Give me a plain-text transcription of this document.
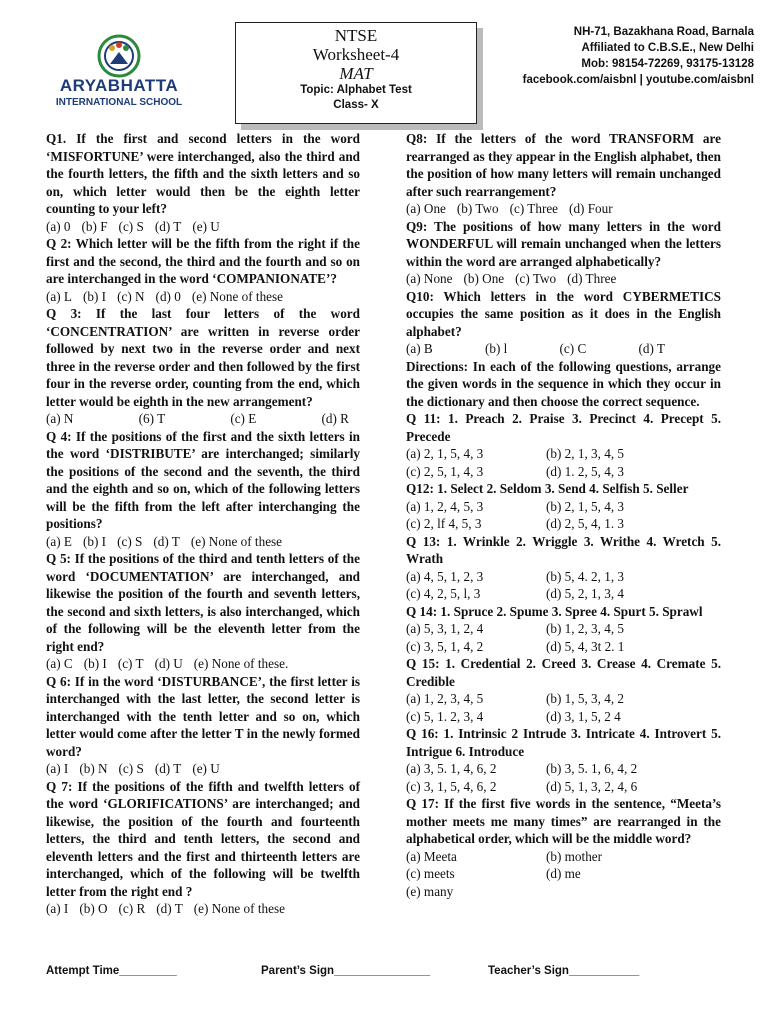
ARYABHATTA
INTERNATIONAL SCHOOL
NTSE
Worksheet-4
MAT
Topic: Alphabet Test
Class- X
NH-71, Bazakhana Road, Barnala
Affiliated to C.B.S.E., New Delhi
Mob: 98154-72269, 93175-13128
facebook.com/aisbnl | youtube.com/aisbnl
Q1. If the first and second letters in the word ‘MISFORTUNE’ were interchanged, also the third and the fourth letters, the fifth and the sixth letters and so on, which letter would then be the eighth letter counting to your left?
(a) 0 (b) F (c) S (d) T (e) U
Q 2: Which letter will be the fifth from the right if the first and the second, the third and the fourth and so on are interchanged in the word ‘COMPANIONATE’?
(a) L (b) I (c) N (d) 0 (e) None of these
Q 3: If the last four letters of the word ‘CONCENTRATION’ are written in reverse order followed by next two in the reverse order and next three in the reverse order and then followed by the first four in the reverse order, counting from the end, which letter would be eighth in the new arrangement?
(a) N	(6) T	(c) E	(d) R
Q 4: If the positions of the first and the sixth letters in the word ‘DISTRIBUTE’ are interchanged; similarly the positions of the second and the seventh, the third and the eighth and so on, which of the following letters will be the fifth from the left after interchanging the positions?
(a) E (b) I (c) S (d) T (e) None of these
Q 5: If the positions of the third and tenth letters of the word ‘DOCUMENTATION’ are interchanged, and likewise the position of the fourth and seventh letters, the second and sixth letters, is also interchanged, which of the following will be the eleventh letter from the right end?
(a) C (b) I (c) T (d) U (e) None of these.
Q 6: If in the word ‘DISTURBANCE’, the first letter is interchanged with the last letter, the second letter is interchanged with the tenth letter and so on, which letter would come after the letter T in the newly formed word?
(a) I (b) N (c) S (d) T (e) U
Q 7: If the positions of the fifth and twelfth letters of the word ‘GLORIFICATIONS’ are interchanged; and likewise, the position of the fourth and fourteenth letters, the third and tenth letters, the second and eleventh letters and the first and thirteenth letters are interchanged, which of the following will be twelfth letter from the right end ?
(a) I (b) O (c) R (d) T (e) None of these
Q8: If the letters of the word TRANSFORM are rearranged as they appear in the English alphabet, then the position of how many letters will remain unchanged after such rearrangement?
(a) One (b) Two (c) Three (d) Four
Q9: The positions of how many letters in the word WONDERFUL will remain unchanged when the letters within the word are arranged alphabetically?
(a) None (b) One (c) Two (d) Three
Q10: Which letters in the word CYBERMETICS occupies the same position as it does in the English alphabet?
(a) B	(b) l	(c) C	(d) T
Directions: In each of the following questions, arrange the given words in the sequence in which they occur in the dictionary and then choose the correct sequence.
Q 11: 1. Preach 2. Praise 3. Precinct 4. Precept 5. Precede
(a) 2, 1, 5, 4, 3	(b) 2, 1, 3, 4, 5
(c) 2, 5, 1, 4, 3	(d) 1. 2, 5, 4, 3
Q12: 1. Select 2. Seldom 3. Send 4. Selfish 5. Seller
(a) 1, 2, 4, 5, 3	(b) 2, 1, 5, 4, 3
(c) 2, lf 4, 5, 3	(d) 2, 5, 4, 1. 3
Q 13: 1. Wrinkle 2. Wriggle 3. Writhe 4. Wretch 5. Wrath
(a) 4, 5, 1, 2, 3	(b) 5, 4. 2, 1, 3
(c) 4, 2, 5, l, 3	(d) 5, 2, 1, 3, 4
Q 14: 1. Spruce 2. Spume 3. Spree 4. Spurt 5. Sprawl
(a) 5, 3, 1, 2, 4	(b) 1, 2, 3, 4, 5
(c) 3, 5, 1, 4, 2	(d) 5, 4, 3t 2. 1
Q 15: 1. Credential 2. Creed 3. Crease 4. Cremate 5. Credible
(a) 1, 2, 3, 4, 5	(b) 1, 5, 3, 4, 2
(c) 5, 1. 2, 3, 4	(d) 3, 1, 5, 2 4
Q 16: 1. Intrinsic 2 Intrude 3. Intricate 4. Introvert 5. Intrigue 6. Introduce
(a) 3, 5. 1, 4, 6, 2	(b) 3, 5. 1, 6, 4, 2
(c) 3, 1, 5, 4, 6, 2	(d) 5, 1, 3, 2, 4, 6
Q 17: If the first five words in the sentence, “Meeta’s mother meets me many times” are rearranged in the alphabetical order, which will be the middle word?
(a) Meeta	(b) mother
(c) meets	(d) me
(e) many
Attempt Time_________	Parent’s Sign_______________	Teacher’s Sign___________
